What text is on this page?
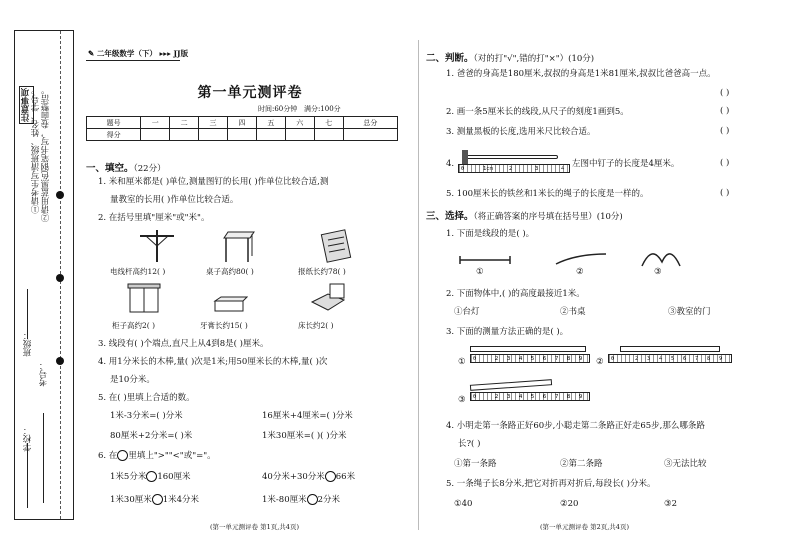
注意事项 ①请考生写清班级、姓名、学号。 ②请用蓝黑色钢笔书写，卷面整洁。
班级：
考号：
学校：
✎ 二年级数学（下） ▸▸▸ JJ版
第一单元测评卷
时间:60分钟 满分:100分
题号	一	二	三	四	五	六	七	总分
得分								
一、填空。（22分）
1. 米和厘米都是( )单位,测量图钉的长用( )作单位比较合适,测
量教室的长用( )作单位比较合适。
2. 在括号里填"厘米"或"米"。
电线杆高约12( )	桌子高约80( )	报纸长约78( )
柜子高约2( )	牙膏长约15( )	床长约2( )
3. 线段有( )个端点,直尺上从4到8是( )厘米。
4. 用1分米长的木棒,量( )次是1米;用50厘米长的木棒,量( )次
是10分米。
5. 在( )里填上合适的数。
1米-3分米=( )分米	16厘米+4厘米=( )分米
80厘米+2分米=( )米	1米30厘米=( )( )分米
6. 在 里填上">""<"或"="。
1米5分米 160厘米	40分米+30分米 66米
1米30厘米 1米4分米	1米-80厘米 2分米
(第一单元测评卷 第1页,共4页)
二、判断。（对的打"√",错的打"×"）(10分)
1. 爸爸的身高是180厘米,叔叔的身高是1米81厘米,叔叔比爸爸高一点。
( )
2. 画一条5厘米长的线段,从尺子的刻度1画到5。	( )
3. 测量黑板的长度,选用米尺比较合适。	( )
4. 0	1cm	2	3	4 左图中钉子的长度是4厘米。	( )
5. 100厘米长的铁丝和1米长的绳子的长度是一样的。	( )
三、选择。（将正确答案的序号填在括号里）(10分)
1. 下面是线段的是( )。
①	②	③
2. 下面物体中,( )的高度最接近1米。
①台灯	②书桌	③教室的门
3. 下面的测量方法正确的是( )。
① 0	2 3 4 5 6 7 8 9 ② 0	2 3 4 5 6 7 8 9
③ 0	2 3 4 5 6 7 8 9
4. 小明走第一条路正好60步,小聪走第二条路正好走65步,那么哪条路
长?( )
①第一条路	②第二条路	③无法比较
5. 一条绳子长8分米,把它对折再对折后,每段长( )分米。
①40	②20	③2
(第一单元测评卷 第2页,共4页)
